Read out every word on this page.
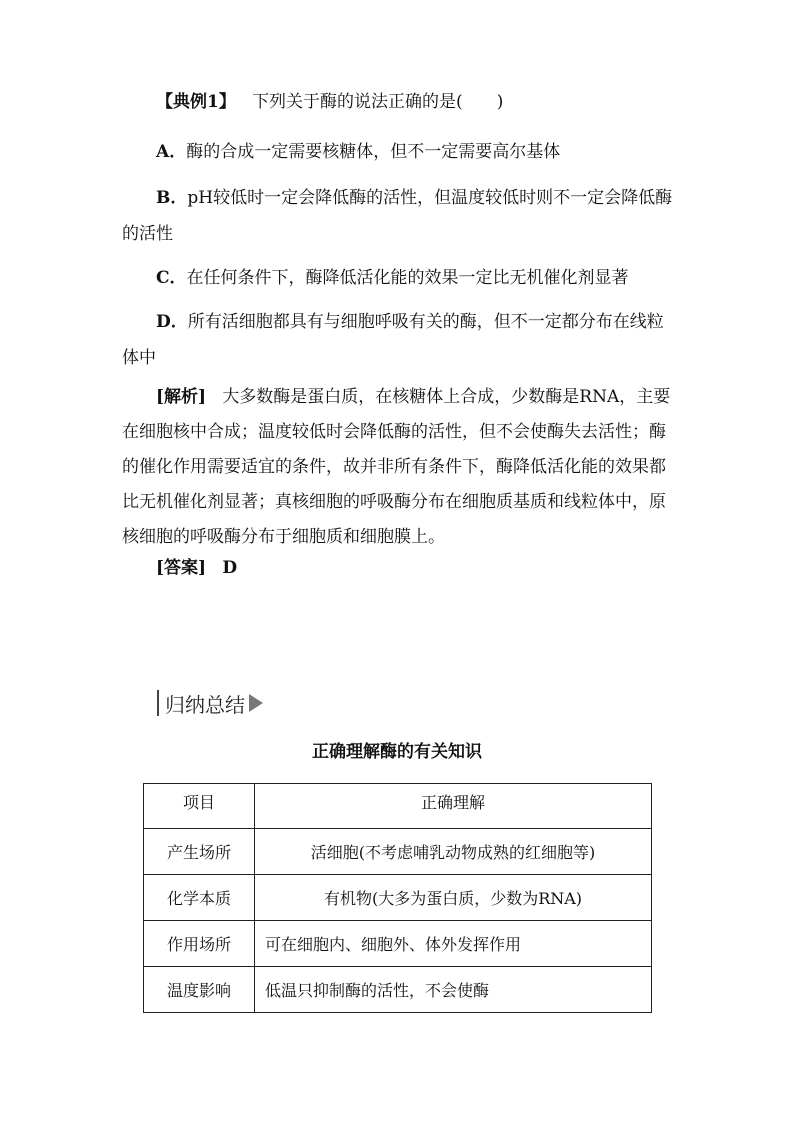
【典例1】 下列关于酶的说法正确的是(　　)

A．酶的合成一定需要核糖体，但不一定需要高尔基体

B．pH较低时一定会降低酶的活性，但温度较低时则不一定会降低酶的活性

C．在任何条件下，酶降低活化能的效果一定比无机催化剂显著

D．所有活细胞都具有与细胞呼吸有关的酶，但不一定都分布在线粒体中

[解析] 大多数酶是蛋白质，在核糖体上合成，少数酶是RNA，主要在细胞核中合成；温度较低时会降低酶的活性，但不会使酶失去活性；酶的催化作用需要适宜的条件，故并非所有条件下，酶降低活化能的效果都比无机催化剂显著；真核细胞的呼吸酶分布在细胞质基质和线粒体中，原核细胞的呼吸酶分布于细胞质和细胞膜上。

[答案] D

归纳总结
正确理解酶的有关知识
项目	正确理解
产生场所	活细胞(不考虑哺乳动物成熟的红细胞等)
化学本质	有机物(大多为蛋白质，少数为RNA)
作用场所	可在细胞内、细胞外、体外发挥作用
温度影响	低温只抑制酶的活性，不会使酶
